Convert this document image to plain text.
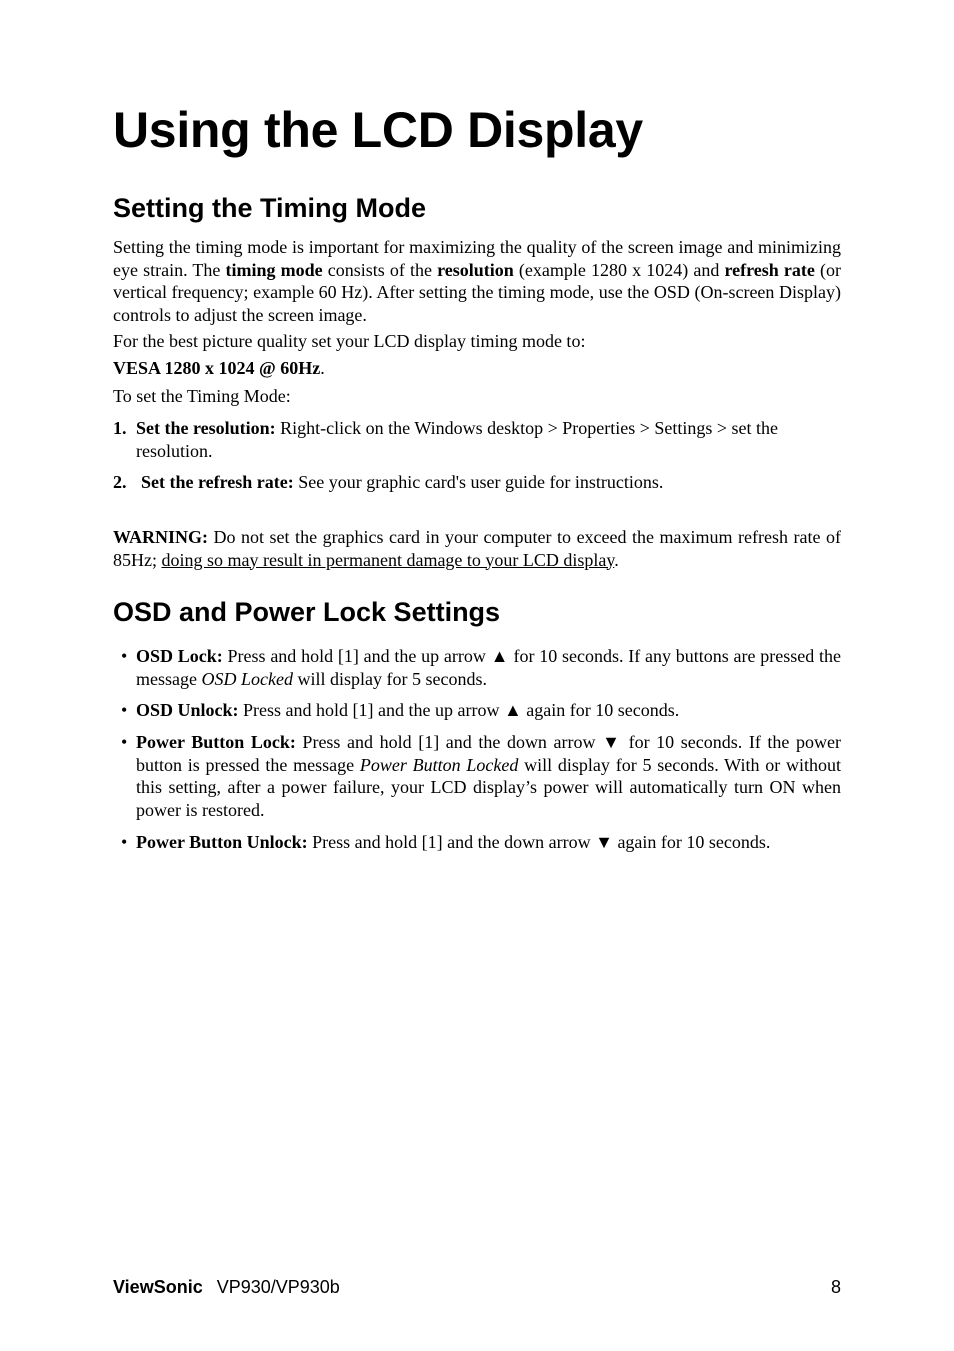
Using the LCD Display
Setting the Timing Mode

Setting the timing mode is important for maximizing the quality of the screen image and minimizing eye strain. The timing mode consists of the resolution (example 1280 x 1024) and refresh rate (or vertical frequency; example 60 Hz). After setting the timing mode, use the OSD (On-screen Display) controls to adjust the screen image.

For the best picture quality set your LCD display timing mode to:

VESA 1280 x 1024 @ 60Hz.

To set the Timing Mode:

1. Set the resolution: Right-click on the Windows desktop > Properties > Settings > set the resolution.
2. Set the refresh rate: See your graphic card's user guide for instructions.

WARNING: Do not set the graphics card in your computer to exceed the maximum refresh rate of 85Hz; doing so may result in permanent damage to your LCD display.

OSD and Power Lock Settings
• OSD Lock: Press and hold [1] and the up arrow ▲ for 10 seconds. If any buttons are pressed the message OSD Locked will display for 5 seconds.
• OSD Unlock: Press and hold [1] and the up arrow ▲ again for 10 seconds.
• Power Button Lock: Press and hold [1] and the down arrow ▼ for 10 seconds. If the power button is pressed the message Power Button Locked will display for 5 seconds. With or without this setting, after a power failure, your LCD display’s power will automatically turn ON when power is restored.
• Power Button Unlock: Press and hold [1] and the down arrow ▼ again for 10 seconds.
ViewSonic VP930/VP930b	8
